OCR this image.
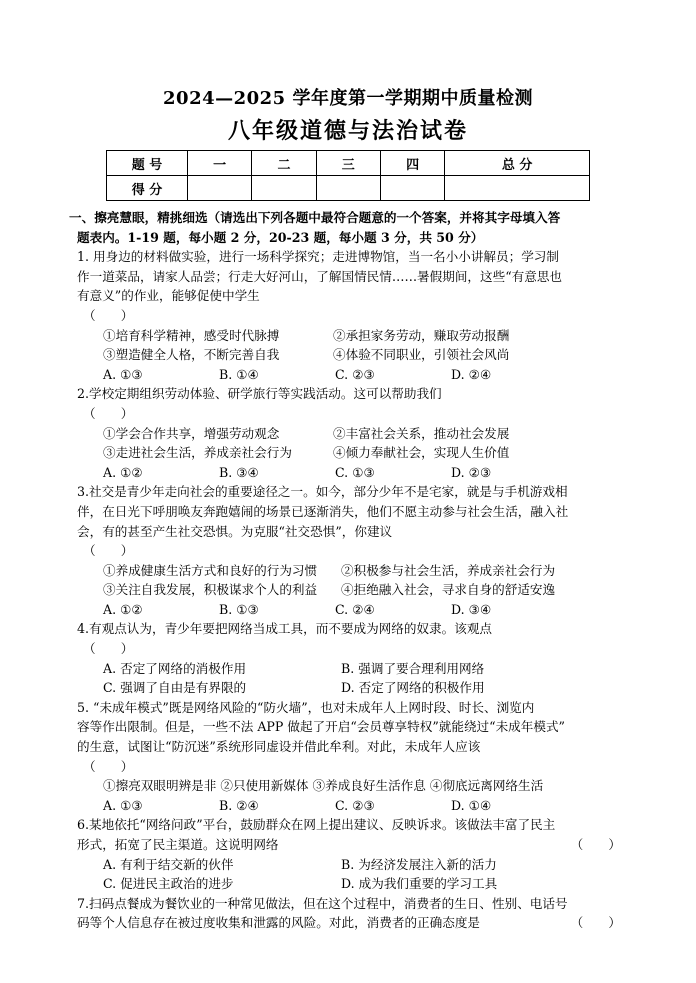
2024—2025 学年度第一学期期中质量检测
八年级道德与法治试卷
题 号	一	二	三	四	总 分
得 分					

一、擦亮慧眼，精挑细选（请选出下列各题中最符合题意的一个答案，并将其字母填入答
题表内。1-19 题，每小题 2 分，20-23 题，每小题 3 分，共 50 分）

1. 用身边的材料做实验，进行一场科学探究；走进博物馆，当一名小小讲解员；学习制
作一道菜品，请家人品尝；行走大好河山，了解国情民情……暑假期间，这些“有意思也
有意义”的作业，能够促使中学生

（　　）

①培育科学精神，感受时代脉搏	②承担家务劳动，赚取劳动报酬
③塑造健全人格，不断完善自我	④体验不同职业，引领社会风尚
A. ①③	B. ①④	C. ②③	D. ②④

2.学校定期组织劳动体验、研学旅行等实践活动。这可以帮助我们

（　　）

①学会合作共享，增强劳动观念	②丰富社会关系，推动社会发展
③走进社会生活，养成亲社会行为	④倾力奉献社会，实现人生价值
A. ①②	B. ③④	C. ①③	D. ②③

3.社交是青少年走向社会的重要途径之一。如今，部分少年不是宅家，就是与手机游戏相
伴，在日光下呼朋唤友奔跑嬉闹的场景已逐渐消失，他们不愿主动参与社会生活，融入社
会，有的甚至产生社交恐惧。为克服“社交恐惧”，你建议

（　　）

①养成健康生活方式和良好的行为习惯	②积极参与社会生活，养成亲社会行为
③关注自我发展，积极谋求个人的利益	④拒绝融入社会，寻求自身的舒适安逸
A. ①②	B. ①③	C. ②④	D. ③④

4.有观点认为，青少年要把网络当成工具，而不要成为网络的奴隶。该观点

（　　）

A. 否定了网络的消极作用	B. 强调了要合理利用网络
C. 强调了自由是有界限的	D. 否定了网络的积极作用

5. “未成年模式”既是网络风险的“防火墙”，也对未成年人上网时段、时长、浏览内
容等作出限制。但是，一些不法 APP 做起了开启“会员尊享特权”就能绕过“未成年模式”
的生意，试图让“防沉迷”系统形同虚设并借此牟利。对此，未成年人应该

（　　）

①擦亮双眼明辨是非 ②只使用新媒体 ③养成良好生活作息 ④彻底远离网络生活
A. ①③	B. ②④	C. ②③	D. ①④

6.某地依托“网络问政”平台，鼓励群众在网上提出建议、反映诉求。该做法丰富了民主
形式，拓宽了民主渠道。这说明网络	（　　）

A. 有利于结交新的伙伴	B. 为经济发展注入新的活力
C. 促进民主政治的进步	D. 成为我们重要的学习工具

7.扫码点餐成为餐饮业的一种常见做法，但在这个过程中，消费者的生日、性别、电话号
码等个人信息存在被过度收集和泄露的风险。对此，消费者的正确态度是	（　　）
